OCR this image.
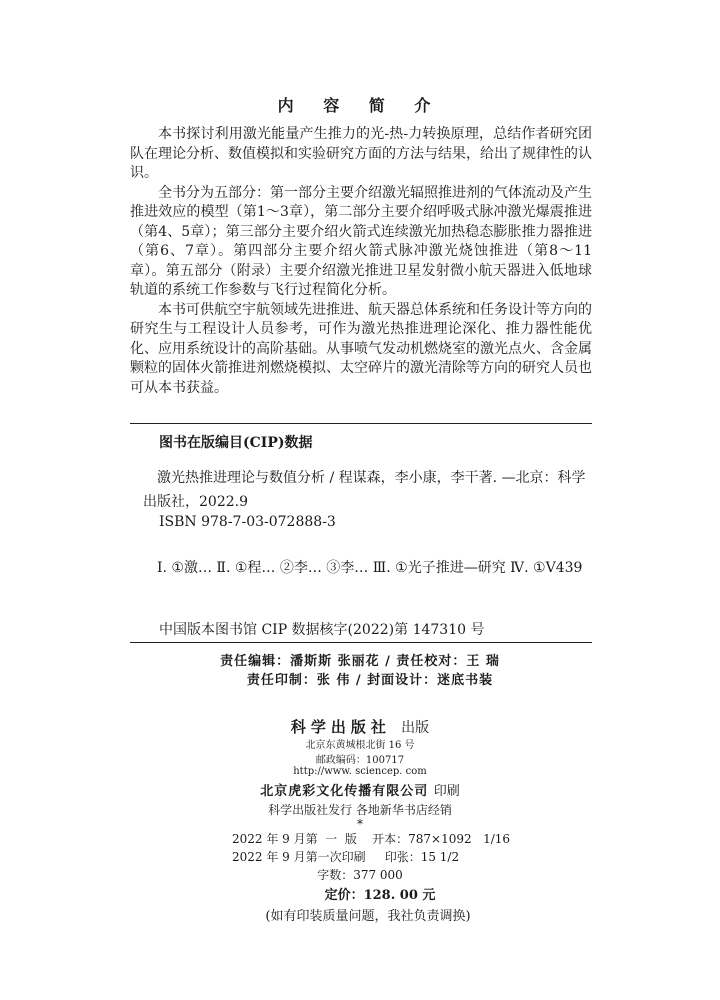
内 容 简 介

本书探讨利用激光能量产生推力的光-热-力转换原理，总结作者研究团队在理论分析、数值模拟和实验研究方面的方法与结果，给出了规律性的认识。

全书分为五部分：第一部分主要介绍激光辐照推进剂的气体流动及产生推进效应的模型（第1～3章），第二部分主要介绍呼吸式脉冲激光爆震推进（第4、5章）；第三部分主要介绍火箭式连续激光加热稳态膨胀推力器推进（第6、7章）。第四部分主要介绍火箭式脉冲激光烧蚀推进（第8～11章）。第五部分（附录）主要介绍激光推进卫星发射微小航天器进入低地球轨道的系统工作参数与飞行过程简化分析。

本书可供航空宇航领域先进推进、航天器总体系统和任务设计等方向的研究生与工程设计人员参考，可作为激光热推进理论深化、推力器性能优化、应用系统设计的高阶基础。从事喷气发动机燃烧室的激光点火、含金属颗粒的固体火箭推进剂燃烧模拟、太空碎片的激光清除等方向的研究人员也可从本书获益。

图书在版编目(CIP)数据
激光热推进理论与数值分析 / 程谋森，李小康，李干著. —北京：科学出版社，2022.9
ISBN 978-7-03-072888-3
Ⅰ. ①激… Ⅱ. ①程… ②李… ③李… Ⅲ. ①光子推进—研究 Ⅳ. ①V439
中国版本图书馆 CIP 数据核字(2022)第 147310 号
责任编辑：潘斯斯 张丽花 / 责任校对：王 瑞
责任印制：张 伟 / 封面设计：迷底书装
科学出版社 出版
北京东黄城根北街 16 号
邮政编码：100717
http://www. sciencep. com
北京虎彩文化传播有限公司 印刷
科学出版社发行 各地新华书店经销
*
2022 年 9 月第  一  版    开本：787×1092   1/16
2022 年 9 月第一次印刷     印张：15 1/2
字数：377 000
定价：128. 00 元
(如有印装质量问题，我社负责调换)
